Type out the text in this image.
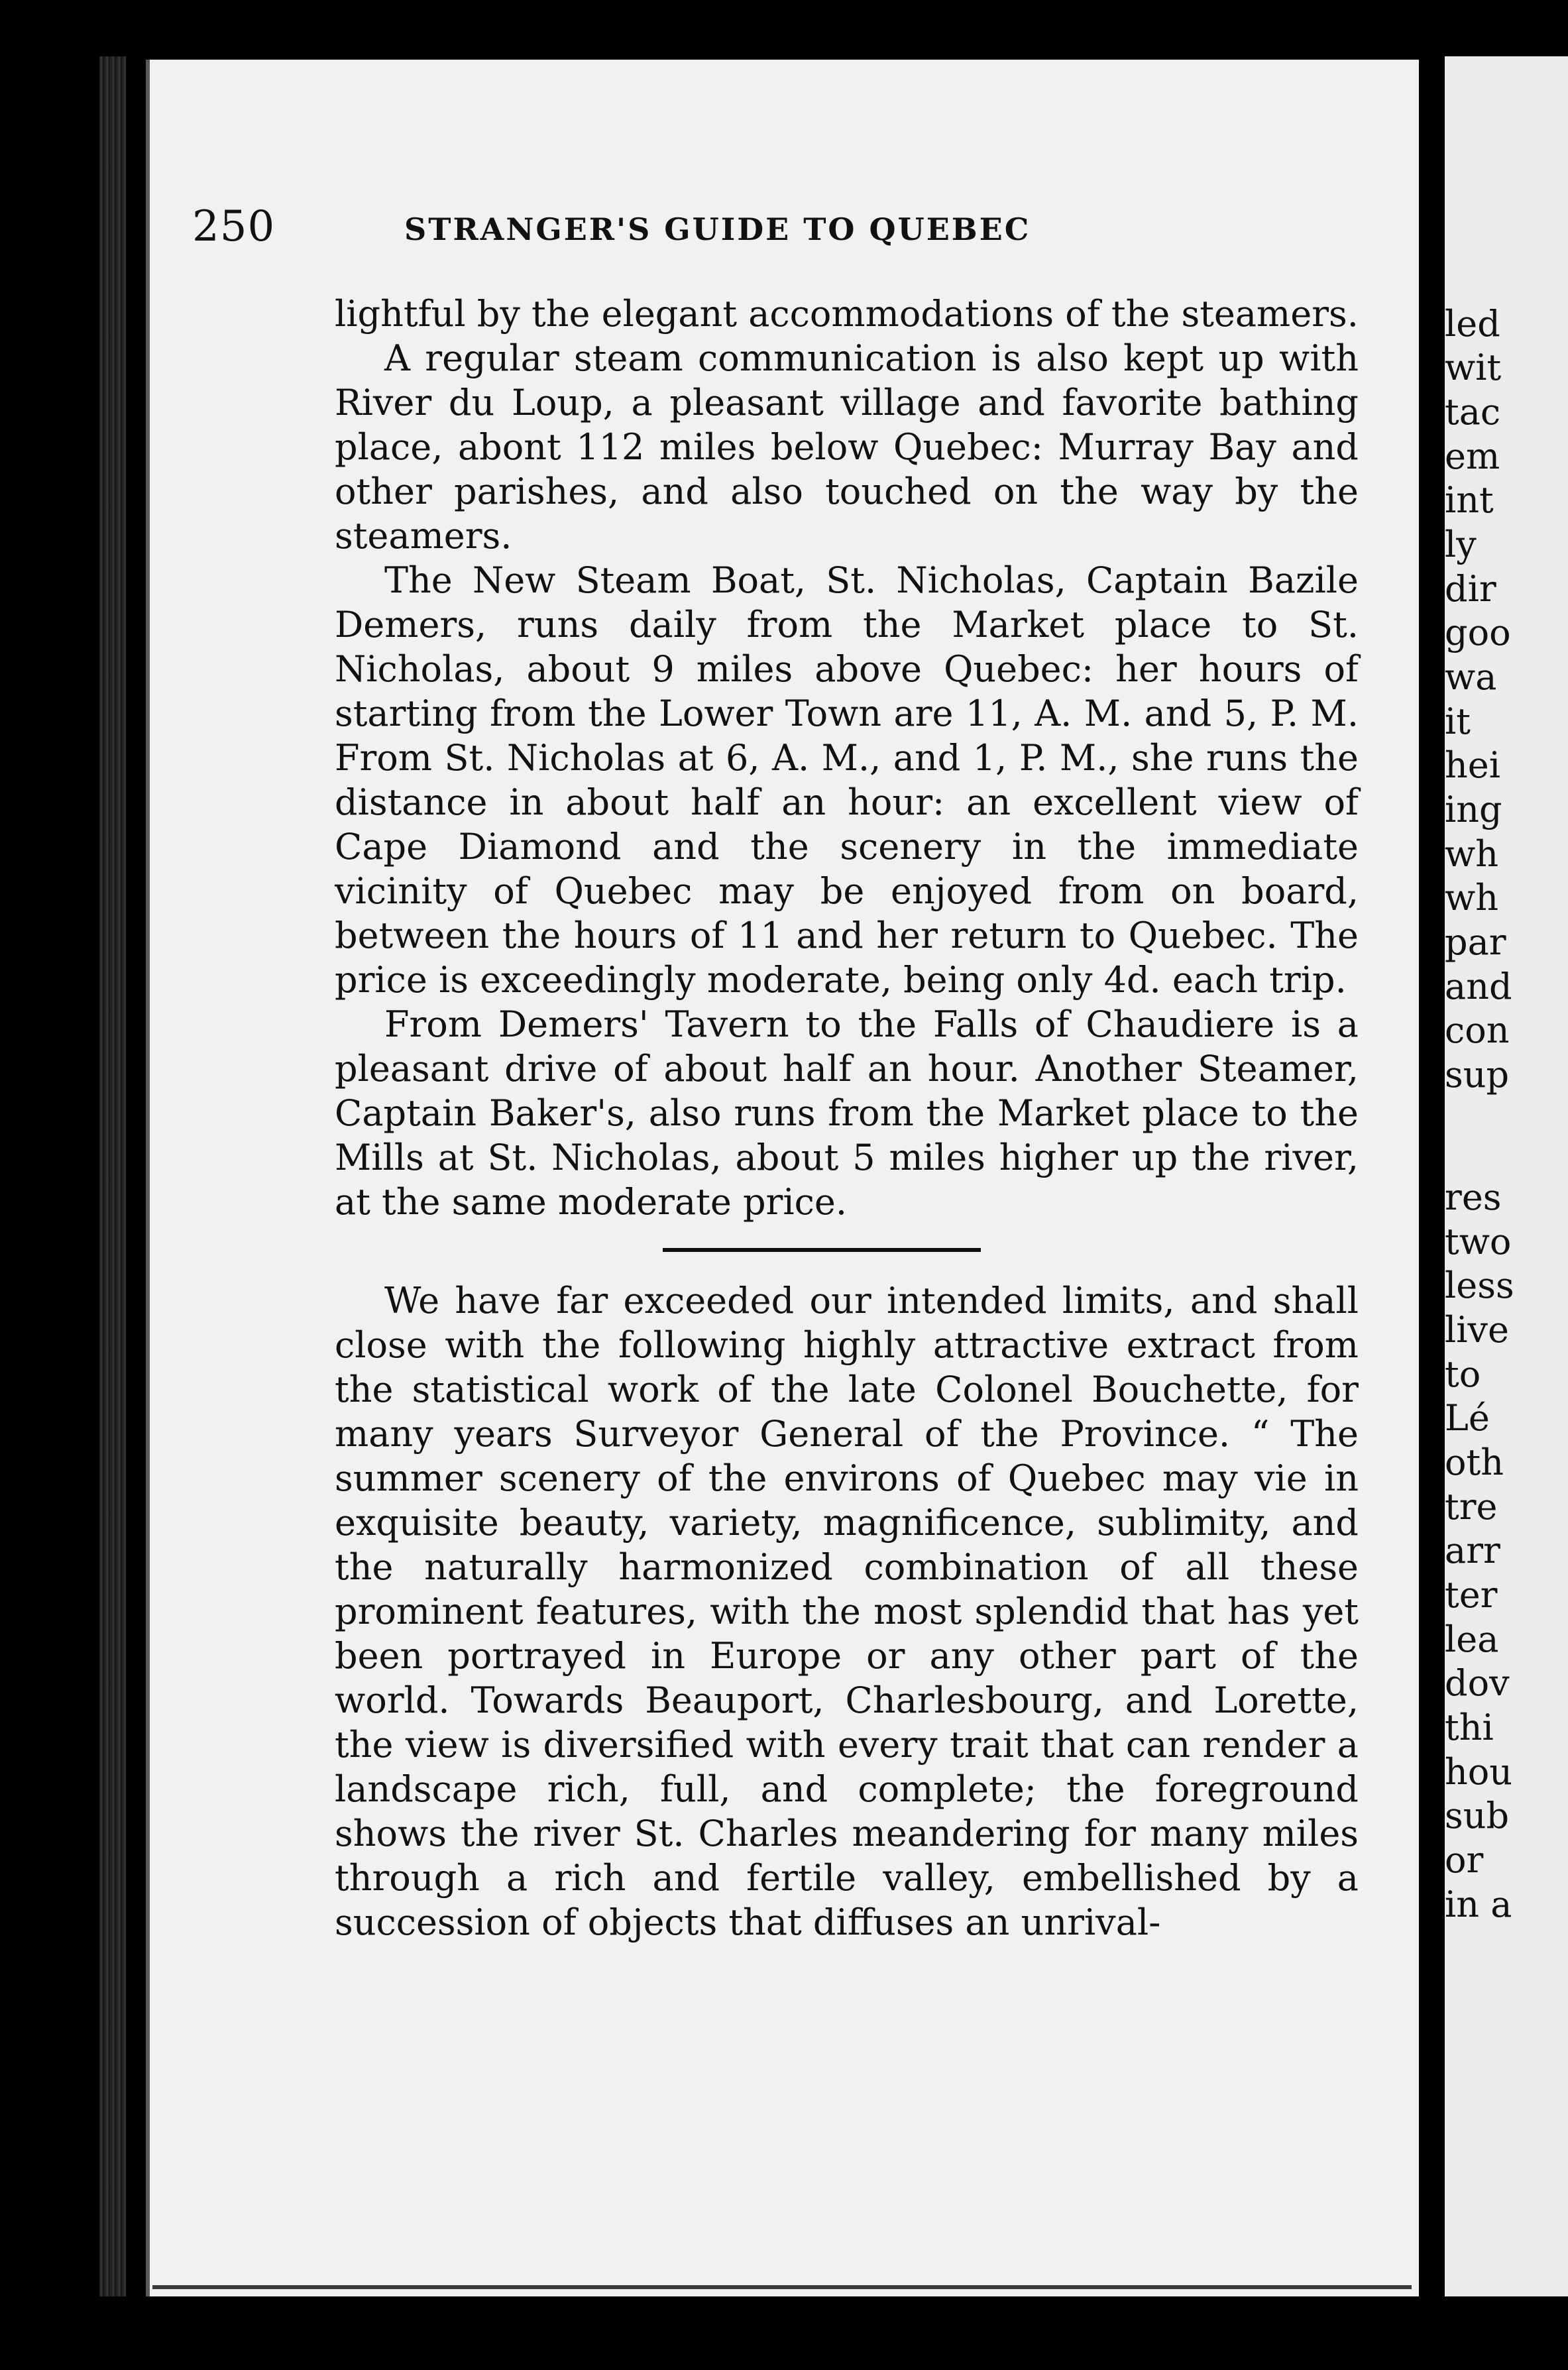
led
wit
tac
em
int
ly
dir
goo
wa
it
hei
ing
wh
wh
par
and
con
sup
res
two
less
live
to
Lé
oth
tre
arr
ter
lea
dov
thi
hou
sub
or
in a
250	STRANGER'S GUIDE TO QUEBEC

lightful by the elegant accommodations of the steamers.

A regular steam communication is also kept up with River du Loup, a pleasant village and favorite bathing place, abont 112 miles below Quebec: Murray Bay and other parishes, and also touched on the way by the steamers.

The New Steam Boat, St. Nicholas, Captain Bazile Demers, runs daily from the Market place to St. Nicholas, about 9 miles above Quebec: her hours of starting from the Lower Town are 11, A. M. and 5, P. M. From St. Nicholas at 6, A. M., and 1, P. M., she runs the distance in about half an hour: an excellent view of Cape Diamond and the scenery in the immediate vicinity of Quebec may be enjoyed from on board, between the hours of 11 and her return to Quebec. The price is exceedingly moderate, being only 4d. each trip.

From Demers' Tavern to the Falls of Chaudiere is a pleasant drive of about half an hour. Another Steamer, Captain Baker's, also runs from the Market place to the Mills at St. Nicholas, about 5 miles higher up the river, at the same moderate price.

We have far exceeded our intended limits, and shall close with the following highly attractive extract from the statistical work of the late Colonel Bouchette, for many years Surveyor General of the Province. “ The summer scenery of the environs of Quebec may vie in exquisite beauty, variety, magnificence, sublimity, and the naturally harmonized combination of all these prominent features, with the most splendid that has yet been portrayed in Europe or any other part of the world. Towards Beauport, Charlesbourg, and Lorette, the view is diversified with every trait that can render a landscape rich, full, and complete; the foreground shows the river St. Charles meandering for many miles through a rich and fertile valley, embellished by a succession of objects that diffuses an unrival-
